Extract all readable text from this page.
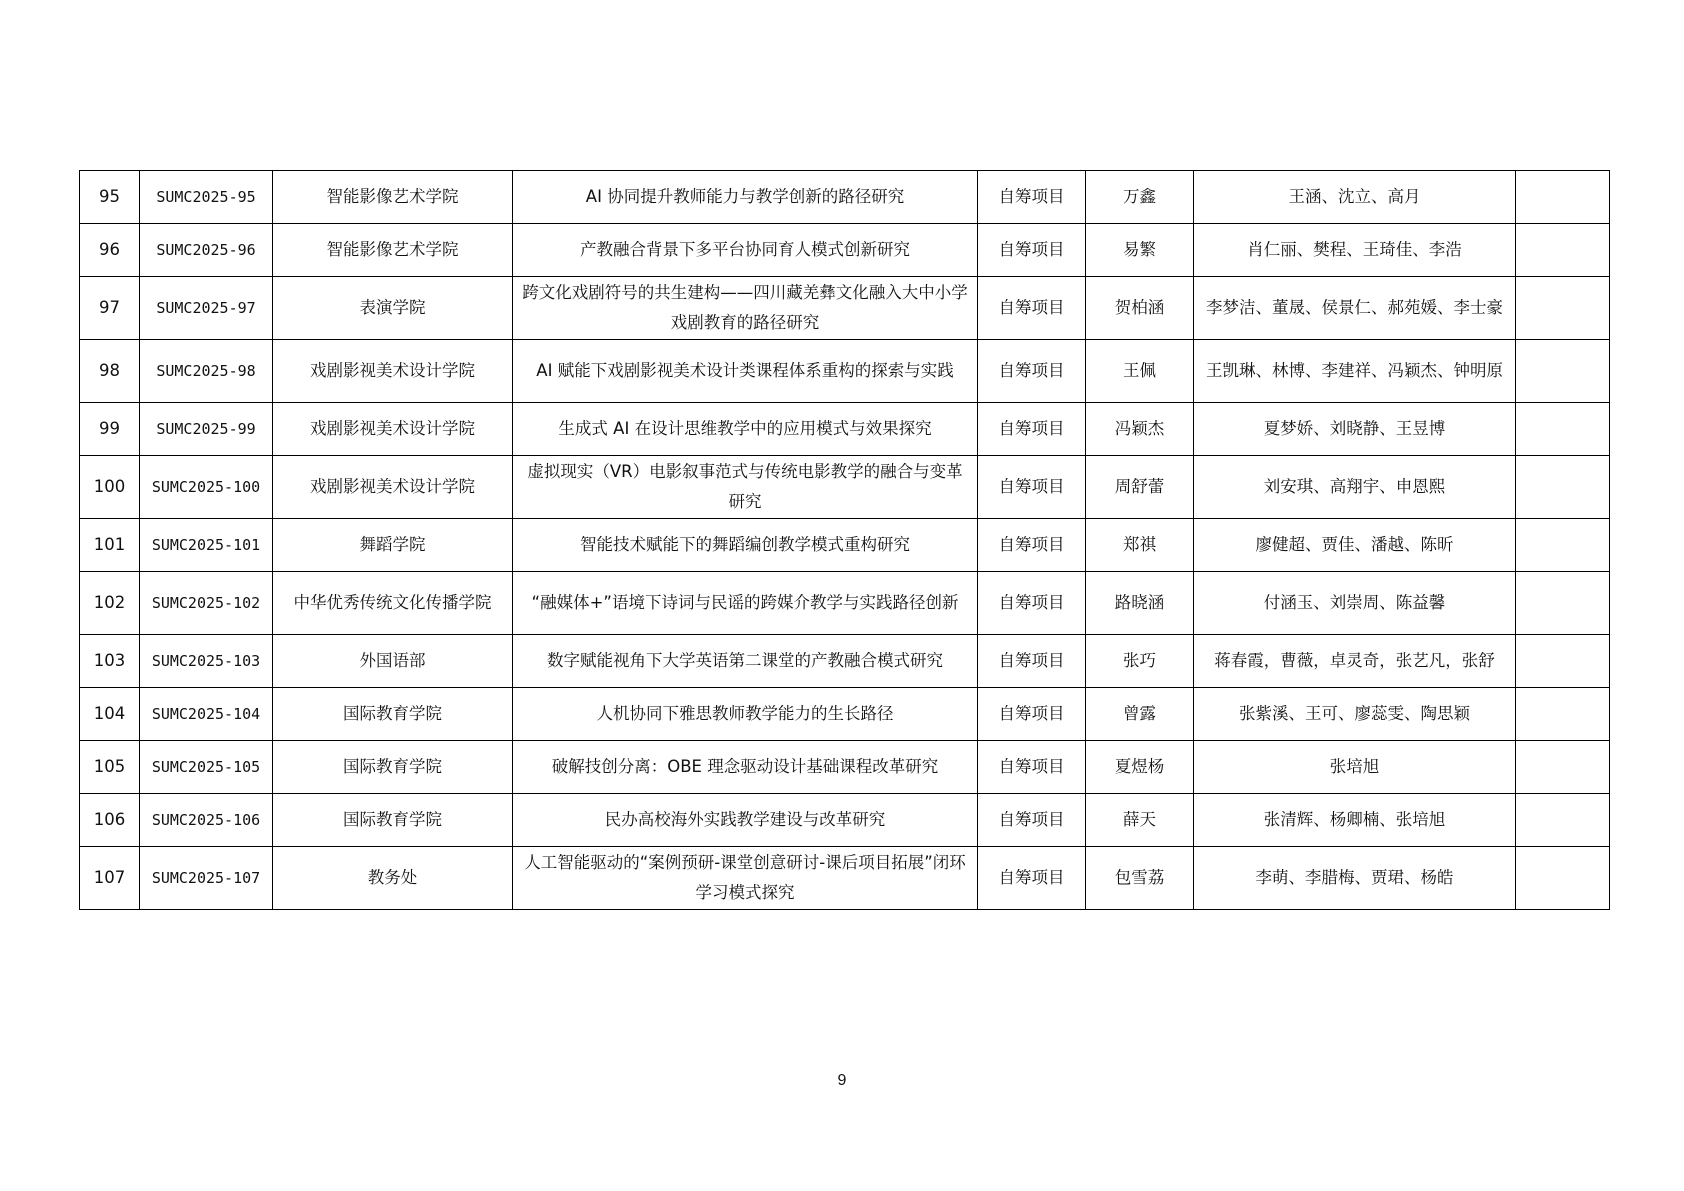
95	SUMC2025-95	智能影像艺术学院	AI 协同提升教师能力与教学创新的路径研究	自筹项目	万鑫	王涵、沈立、高月	
96	SUMC2025-96	智能影像艺术学院	产教融合背景下多平台协同育人模式创新研究	自筹项目	易繁	肖仁丽、樊程、王琦佳、李浩	
97	SUMC2025-97	表演学院	跨文化戏剧符号的共生建构——四川藏羌彝文化融入大中小学戏剧教育的路径研究	自筹项目	贺柏涵	李梦洁、董晟、侯景仁、郝苑媛、李士豪	
98	SUMC2025-98	戏剧影视美术设计学院	AI 赋能下戏剧影视美术设计类课程体系重构的探索与实践	自筹项目	王佩	王凯琳、林博、李建祥、冯颖杰、钟明原	
99	SUMC2025-99	戏剧影视美术设计学院	生成式 AI 在设计思维教学中的应用模式与效果探究	自筹项目	冯颖杰	夏梦娇、刘晓静、王昱博	
100	SUMC2025-100	戏剧影视美术设计学院	虚拟现实（VR）电影叙事范式与传统电影教学的融合与变革研究	自筹项目	周舒蕾	刘安琪、高翔宇、申恩熙	
101	SUMC2025-101	舞蹈学院	智能技术赋能下的舞蹈编创教学模式重构研究	自筹项目	郑祺	廖健超、贾佳、潘越、陈昕	
102	SUMC2025-102	中华优秀传统文化传播学院	“融媒体+”语境下诗词与民谣的跨媒介教学与实践路径创新	自筹项目	路晓涵	付涵玉、刘崇周、陈益馨	
103	SUMC2025-103	外国语部	数字赋能视角下大学英语第二课堂的产教融合模式研究	自筹项目	张巧	蒋春霞，曹薇，卓灵奇，张艺凡，张舒	
104	SUMC2025-104	国际教育学院	人机协同下雅思教师教学能力的生长路径	自筹项目	曾露	张紫溪、王可、廖蕊雯、陶思颖	
105	SUMC2025-105	国际教育学院	破解技创分离：OBE 理念驱动设计基础课程改革研究	自筹项目	夏煜杨	张培旭	
106	SUMC2025-106	国际教育学院	民办高校海外实践教学建设与改革研究	自筹项目	薛天	张清辉、杨卿楠、张培旭	
107	SUMC2025-107	教务处	人工智能驱动的“案例预研-课堂创意研讨-课后项目拓展”闭环学习模式探究	自筹项目	包雪荔	李萌、李腊梅、贾珺、杨皓	
9
